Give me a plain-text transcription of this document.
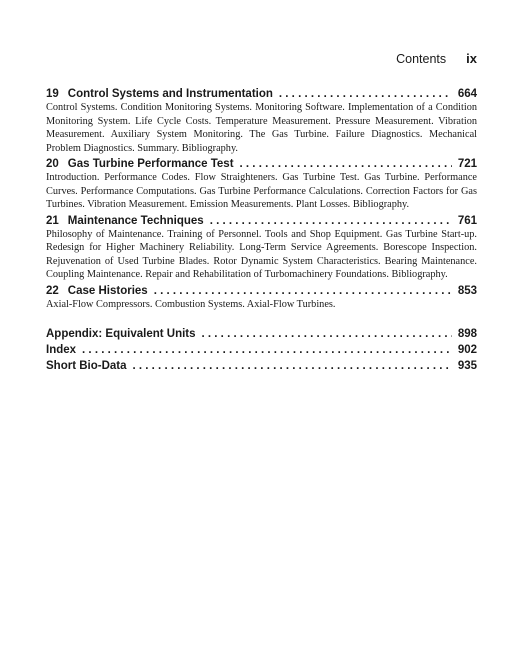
Contents ix
19 Control Systems and Instrumentation . . .	664

Control Systems. Condition Monitoring Systems. Monitoring Software. Implementation of a Condition Monitoring System. Life Cycle Costs. Temperature Measurement. Pressure Measurement. Vibration Measurement. Auxiliary System Monitoring. The Gas Turbine. Failure Diagnostics. Mechanical Problem Diagnostics. Summary. Bibliography.

20 Gas Turbine Performance Test . . .	721

Introduction. Performance Codes. Flow Straighteners. Gas Turbine Test. Gas Turbine. Performance Curves. Performance Computations. Gas Turbine Performance Calculations. Correction Factors for Gas Turbines. Vibration Measurement. Emission Measurements. Plant Losses. Bibliography.

21 Maintenance Techniques . . .	761

Philosophy of Maintenance. Training of Personnel. Tools and Shop Equipment. Gas Turbine Start-up. Redesign for Higher Machinery Reliability. Long-Term Service Agreements. Borescope Inspection. Rejuvenation of Used Turbine Blades. Rotor Dynamic System Characteristics. Bearing Maintenance. Coupling Maintenance. Repair and Rehabilitation of Turbomachinery Foundations. Bibliography.

22 Case Histories . . .	853

Axial-Flow Compressors. Combustion Systems. Axial-Flow Turbines.

Appendix: Equivalent Units . . .	898
Index . . .	902
Short Bio-Data . . .	935
